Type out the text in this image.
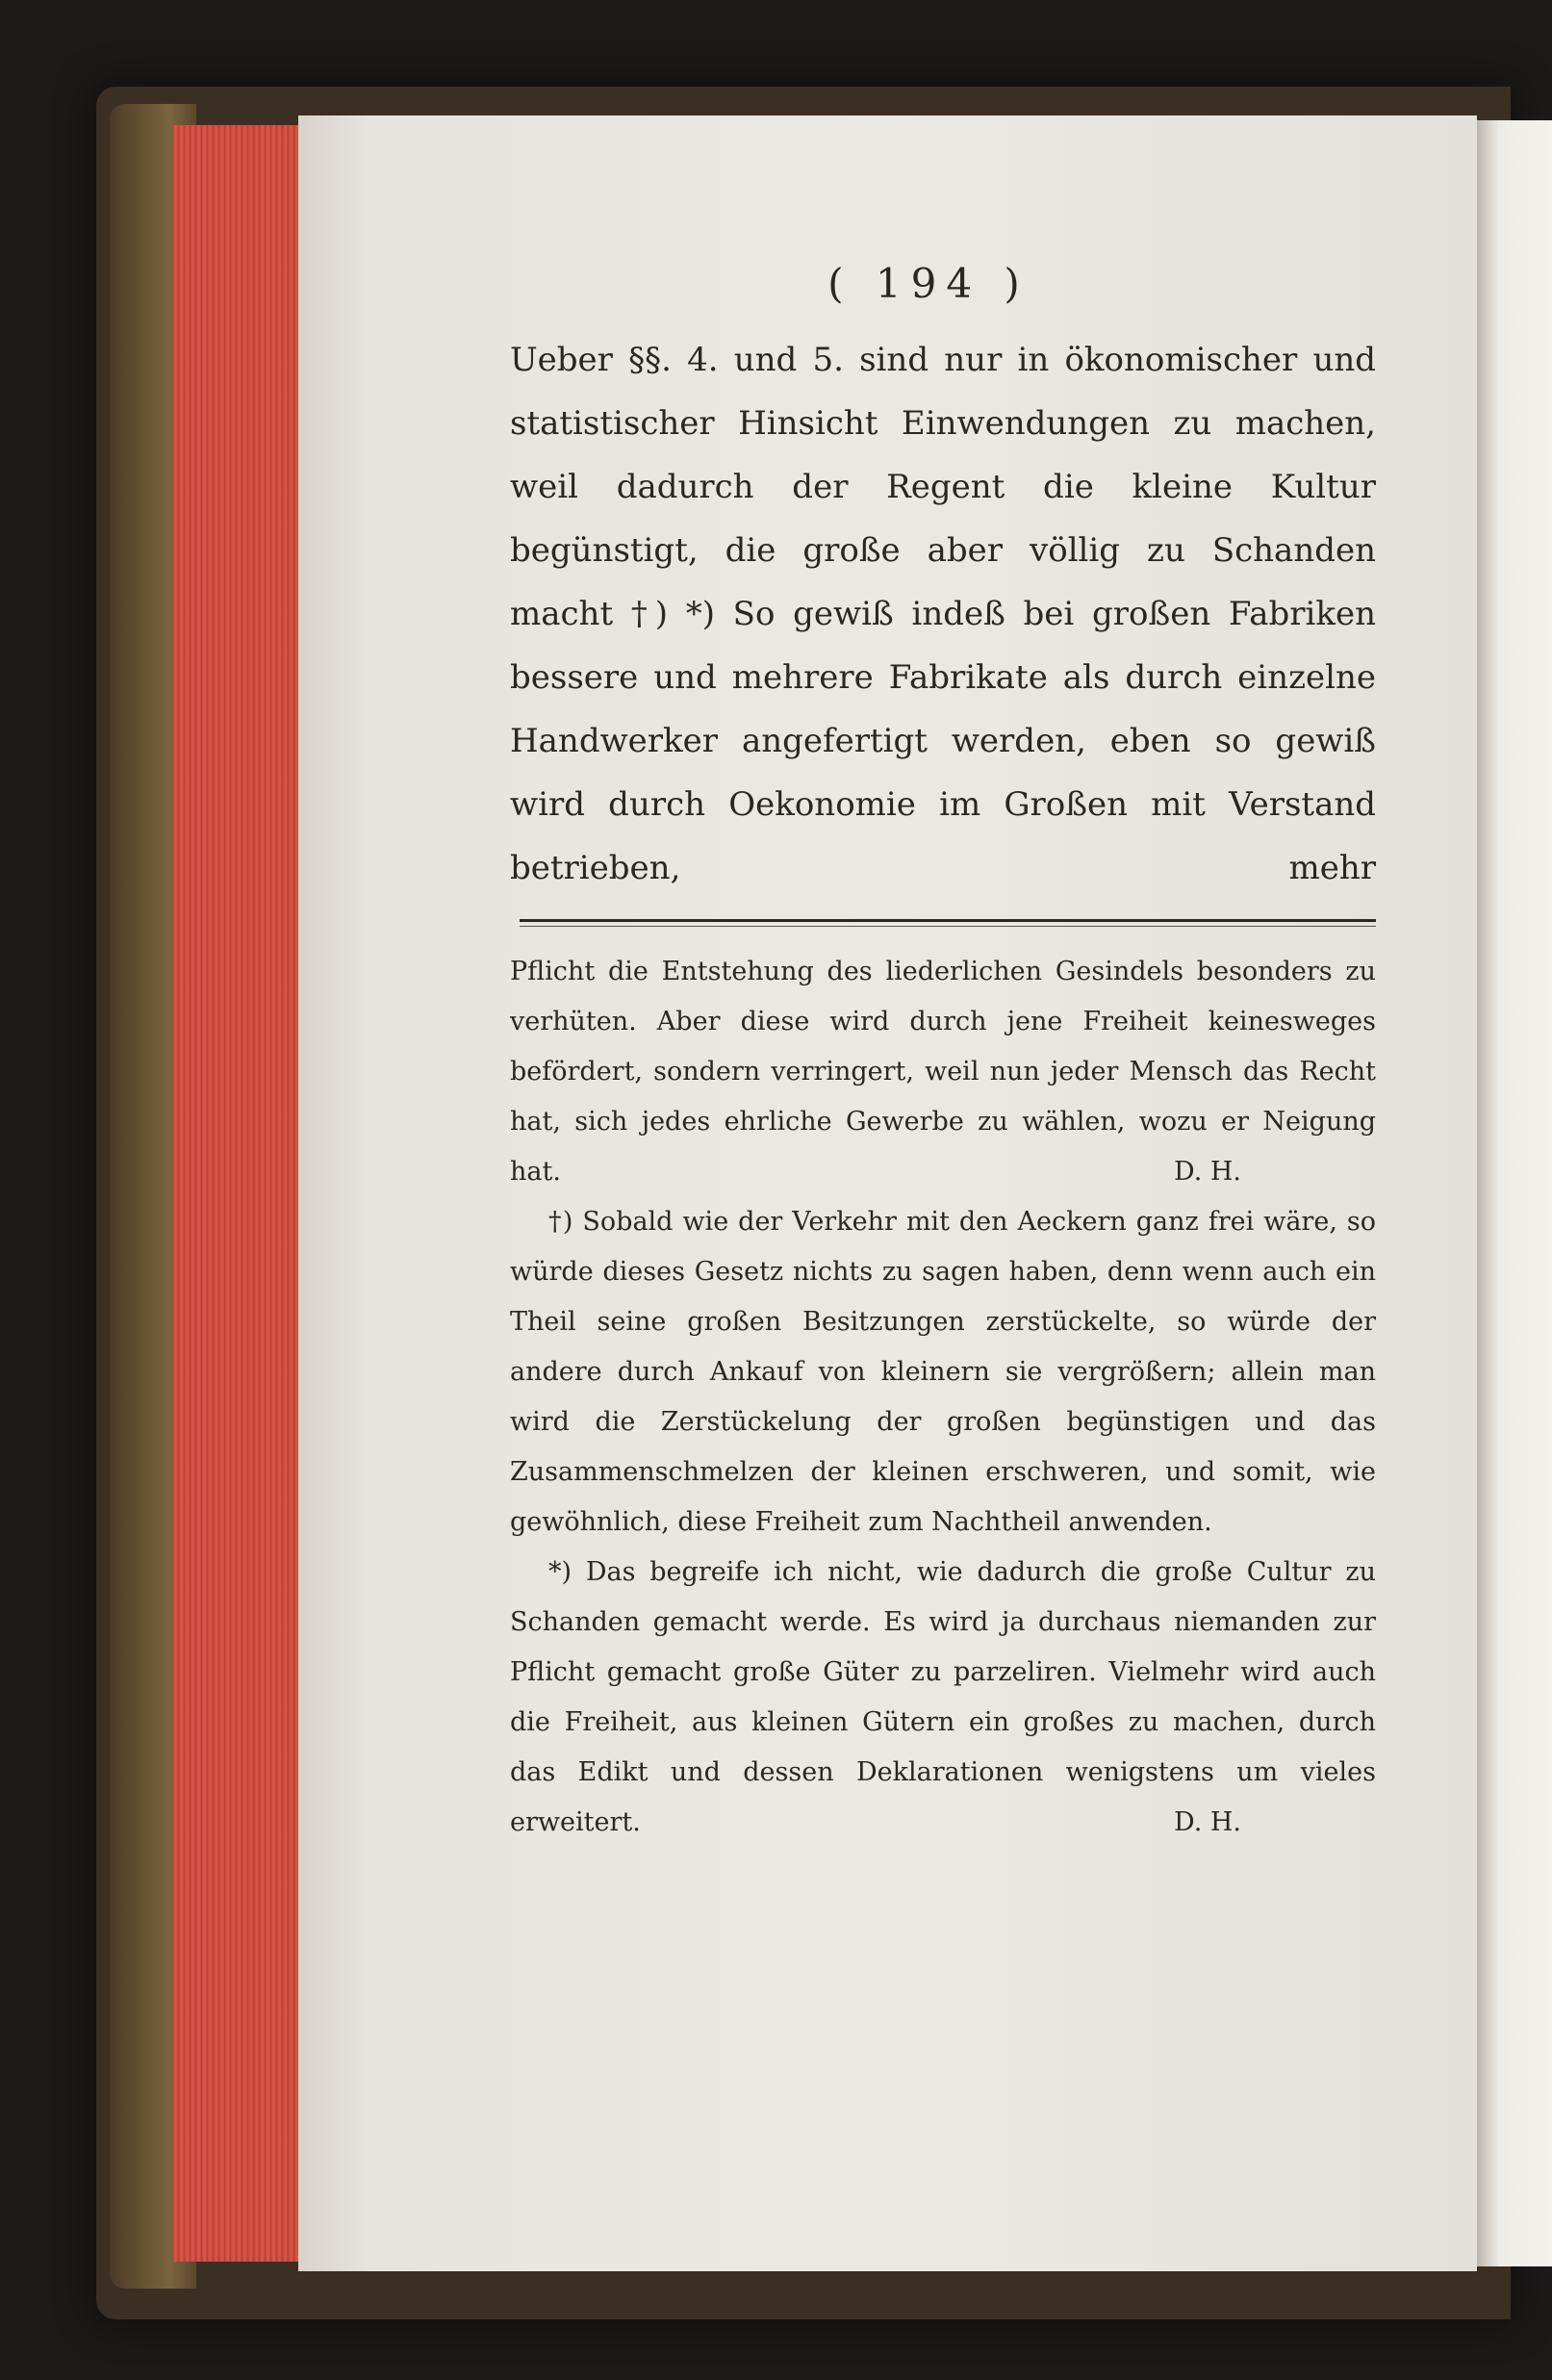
( 194 )

Ueber §§. 4. und 5. sind nur in ökonomischer und statistischer Hinsicht Einwendungen zu machen, weil dadurch der Regent die kleine Kultur begünstigt, die große aber völlig zu Schanden macht †) *) So gewiß indeß bei großen Fabriken bessere und mehrere Fabrikate als durch einzelne Handwerker angefertigt werden, eben so gewiß wird durch Oekonomie im Großen mit Verstand betrieben, mehr

Pflicht die Entstehung des liederlichen Gesindels besonders zu verhüten. Aber diese wird durch jene Freiheit keinesweges befördert, sondern verringert, weil nun jeder Mensch das Recht hat, sich jedes ehrliche Gewerbe zu wählen, wozu er Neigung hat.	D. H.

†) Sobald wie der Verkehr mit den Aeckern ganz frei wäre, so würde dieses Gesetz nichts zu sagen haben, denn wenn auch ein Theil seine großen Besitzungen zerstückelte, so würde der andere durch Ankauf von kleinern sie vergrößern; allein man wird die Zerstückelung der großen begünstigen und das Zusammenschmelzen der kleinen erschweren, und somit, wie gewöhnlich, diese Freiheit zum Nachtheil anwenden.

*) Das begreife ich nicht, wie dadurch die große Cultur zu Schanden gemacht werde. Es wird ja durchaus niemanden zur Pflicht gemacht große Güter zu parzeliren. Vielmehr wird auch die Freiheit, aus kleinen Gütern ein großes zu machen, durch das Edikt und dessen Deklarationen wenigstens um vieles erweitert.	D. H.
